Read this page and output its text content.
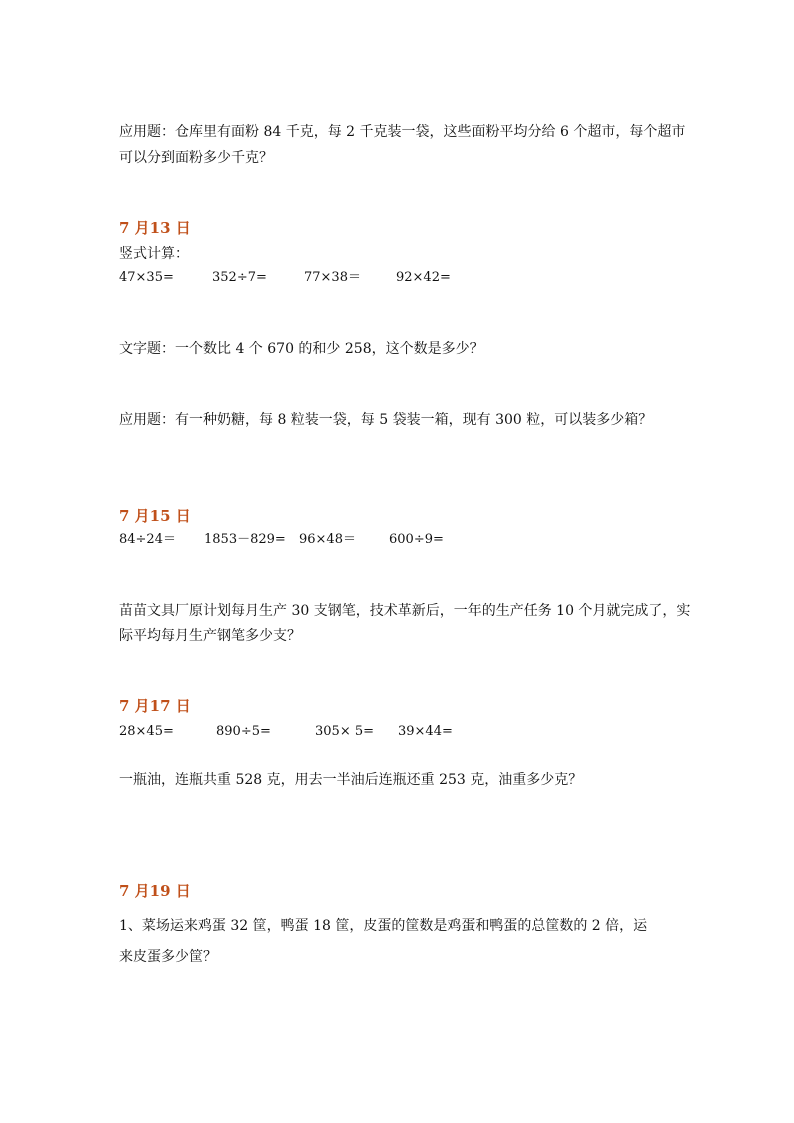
应用题：仓库里有面粉 84 千克，每 2 千克装一袋，这些面粉平均分给 6 个超市，每个超市
可以分到面粉多少千克？
7 月13 日
竖式计算：
47×35=	352÷7=	77×38＝	92×42=
文字题：一个数比 4 个 670 的和少 258，这个数是多少？
应用题：有一种奶糖，每 8 粒装一袋，每 5 袋装一箱，现有 300 粒，可以装多少箱？
7 月15 日
84÷24＝ 1853－829= 96×48＝	600÷9=
苗苗文具厂原计划每月生产 30 支钢笔，技术革新后，一年的生产任务 10 个月就完成了，实
际平均每月生产钢笔多少支？
7 月17 日
28×45=	890÷5=	305× 5= 39×44=
一瓶油，连瓶共重 528 克，用去一半油后连瓶还重 253 克，油重多少克？
7 月19 日
1、菜场运来鸡蛋 32 筐，鸭蛋 18 筐，皮蛋的筐数是鸡蛋和鸭蛋的总筐数的 2 倍，运
来皮蛋多少筐？
